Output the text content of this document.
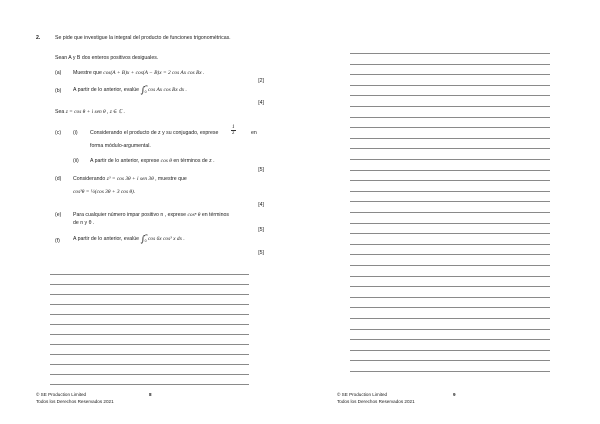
2.	Se pide que investigue la integral del producto de funciones trigonométricas.
Sean A y B dos enteros positivos desiguales.
(a) Muestre que cos(A + B)x + cos(A − B)x = 2 cos Ax cos Bx .
[2]
(b) A partir de lo anterior, evalúe ∫$^\pi_0$ cos Ax cos Bx dx .
[4]
Sea z = cos θ + i sen θ , z ∈ ℂ .
(c) (i) Considerando el producto de z y su conjugado, exprese
1
z	en
forma módulo-argumental.
(ii) A partir de lo anterior, exprese cos θ en términos de z .
[5]
(d) Considerando z³ = cos 3θ + i sen 3θ , muestre que
cos³θ = ¼(cos 3θ + 3 cos θ).
[4]
(e) Para cualquier número impar positivo n , exprese cosⁿ θ en términos
de n y θ .
[5]
(f)	A partir de lo anterior, evalúe ∫$^\pi_0$ cos 6x cos³ x dx .
[5]
© SE Production Limited
Todos los Derechos Reservados 2021
8	© SE Production Limited
Todos los Derechos Reservados 2021
9
